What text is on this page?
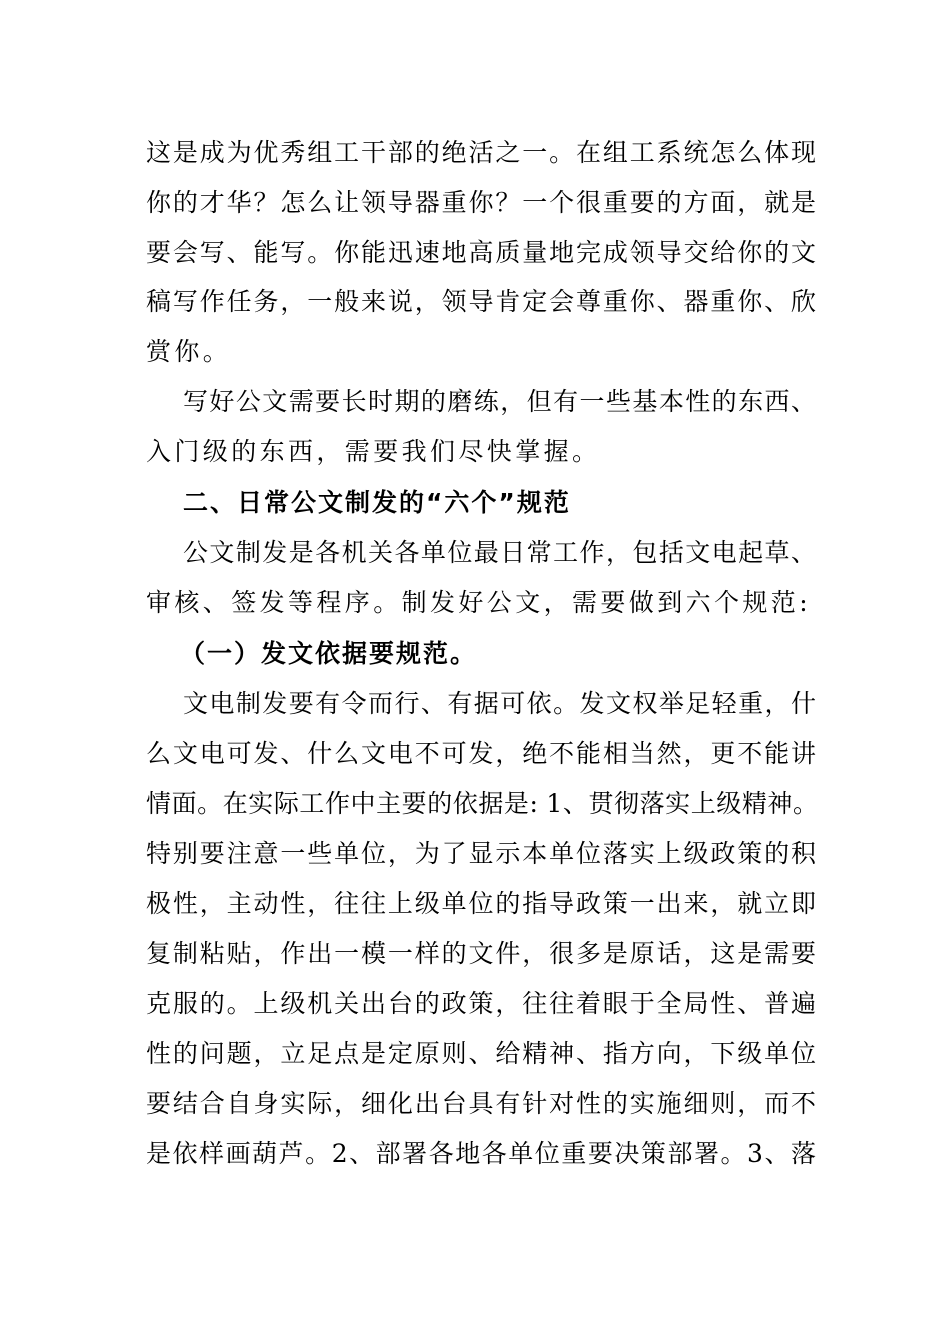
这是成为优秀组工干部的绝活之一。在组工系统怎么体现
你的才华？怎么让领导器重你？一个很重要的方面，就是
要会写、能写。你能迅速地高质量地完成领导交给你的文
稿写作任务，一般来说，领导肯定会尊重你、器重你、欣
赏你。
写好公文需要长时期的磨练，但有一些基本性的东西、
入门级的东西，需要我们尽快掌握。
二、日常公文制发的“六个”规范
公文制发是各机关各单位最日常工作，包括文电起草、
审核、签发等程序。制发好公文，需要做到六个规范:
（一）发文依据要规范。
文电制发要有令而行、有据可依。发文权举足轻重，什
么文电可发、什么文电不可发，绝不能相当然，更不能讲
情面。在实际工作中主要的依据是: 1、贯彻落实上级精神。
特别要注意一些单位，为了显示本单位落实上级政策的积
极性，主动性，往往上级单位的指导政策一出来，就立即
复制粘贴，作出一模一样的文件，很多是原话，这是需要
克服的。上级机关出台的政策，往往着眼于全局性、普遍
性的问题，立足点是定原则、给精神、指方向，下级单位
要结合自身实际，细化出台具有针对性的实施细则，而不
是依样画葫芦。2、部署各地各单位重要决策部署。3、落
